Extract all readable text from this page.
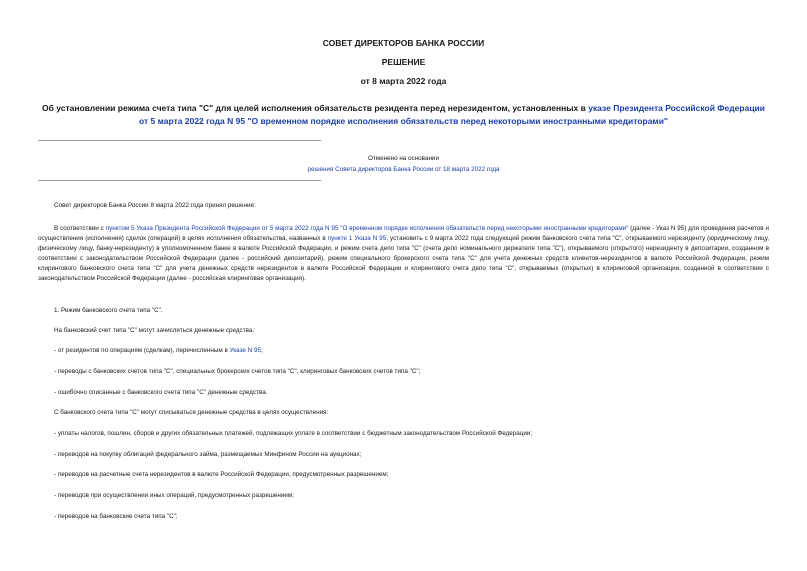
СОВЕТ ДИРЕКТОРОВ БАНКА РОССИИ
РЕШЕНИЕ
от 8 марта 2022 года
Об установлении режима счета типа "С" для целей исполнения обязательств резидента перед нерезидентом, установленных в указе Президента Российской Федерации от 5 марта 2022 года N 95 "О временном порядке исполнения обязательств перед некоторыми иностранными кредиторами"
Отменено на основании
решения Совета директоров Банка России от 18 марта 2022 года
Совет директоров Банка России 8 марта 2022 года принял решение:
В соответствии с пунктом 5 Указа Президента Российской Федерации от 5 марта 2022 года N 95 "О временном порядке исполнения обязательств перед некоторыми иностранными кредиторами" (далее - Указ N 95) для проведения расчетов и осуществления (исполнения) сделок (операций) в целях исполнения обязательства, названных в пункте 1 Указа N 95, установить с 9 марта 2022 года следующий режим банковского счета типа "С", открываемого нерезиденту (юридическому лицу, физическому лицу, банку-нерезиденту) в уполномоченном банке в валюте Российской Федерации, и режим счета депо типа "С" (счета депо номинального держателя типа "С"), открываемого (открытого) нерезиденту в депозитарии, созданном в соответствии с законодательством Российской Федерации (далее - российский депозитарий), режим специального брокерского счета типа "С" для учета денежных средств клиентов-нерезидентов в валюте Российской Федерации, режим клирингового банковского счета типа "С" для учета денежных средств нерезидентов в валюте Российской Федерации и клирингового счета депо типа "С", открываемых (открытых) в клиринговой организации, созданной в соответствии с законодательством Российской Федерации (далее - российская клиринговая организация).
1. Режим банковского счета типа "С".
На банковский счет типа "С" могут зачисляться денежные средства:
- от резидентов по операциям (сделкам), перечисленным в Указе N 95;
- переводы с банковских счетов типа "С", специальных брокерских счетов типа "С", клиринговых банковских счетов типа "С";
- ошибочно списанные с банковского счета типа "С" денежные средства.
С банковского счета типа "С" могут списываться денежные средства в целях осуществления:
- уплаты налогов, пошлин, сборов и других обязательных платежей, подлежащих уплате в соответствии с бюджетным законодательством Российской Федерации;
- переводов на покупку облигаций федерального займа, размещаемых Минфином России на аукционах;
- переводов на расчетные счета нерезидентов в валюте Российской Федерации, предусмотренных разрешением;
- переводов при осуществлении иных операций, предусмотренных разрешением;
- переводов на банковские счета типа "С";
